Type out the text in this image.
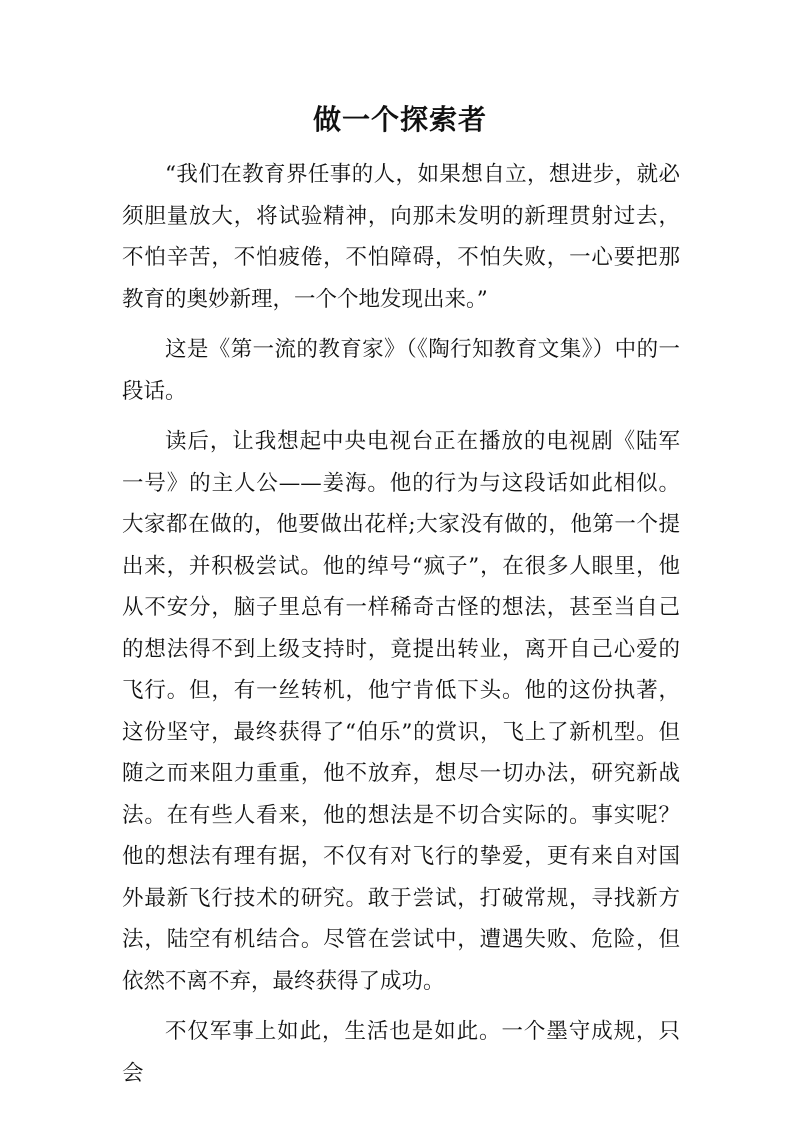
做一个探索者

“我们在教育界任事的人，如果想自立，想进步，就必须胆量放大，将试验精神，向那未发明的新理贯射过去，不怕辛苦，不怕疲倦，不怕障碍，不怕失败，一心要把那教育的奥妙新理，一个个地发现出来。”

这是《第一流的教育家》（《陶行知教育文集》）中的一段话。

读后，让我想起中央电视台正在播放的电视剧《陆军一号》的主人公——姜海。他的行为与这段话如此相似。大家都在做的，他要做出花样;大家没有做的，他第一个提出来，并积极尝试。他的绰号“疯子”，在很多人眼里，他从不安分，脑子里总有一样稀奇古怪的想法，甚至当自己的想法得不到上级支持时，竟提出转业，离开自己心爱的飞行。但，有一丝转机，他宁肯低下头。他的这份执著，这份坚守，最终获得了“伯乐”的赏识，飞上了新机型。但随之而来阻力重重，他不放弃，想尽一切办法，研究新战法。在有些人看来，他的想法是不切合实际的。事实呢？他的想法有理有据，不仅有对飞行的挚爱，更有来自对国外最新飞行技术的研究。敢于尝试，打破常规，寻找新方法，陆空有机结合。尽管在尝试中，遭遇失败、危险，但依然不离不弃，最终获得了成功。

不仅军事上如此，生活也是如此。一个墨守成规，只会
